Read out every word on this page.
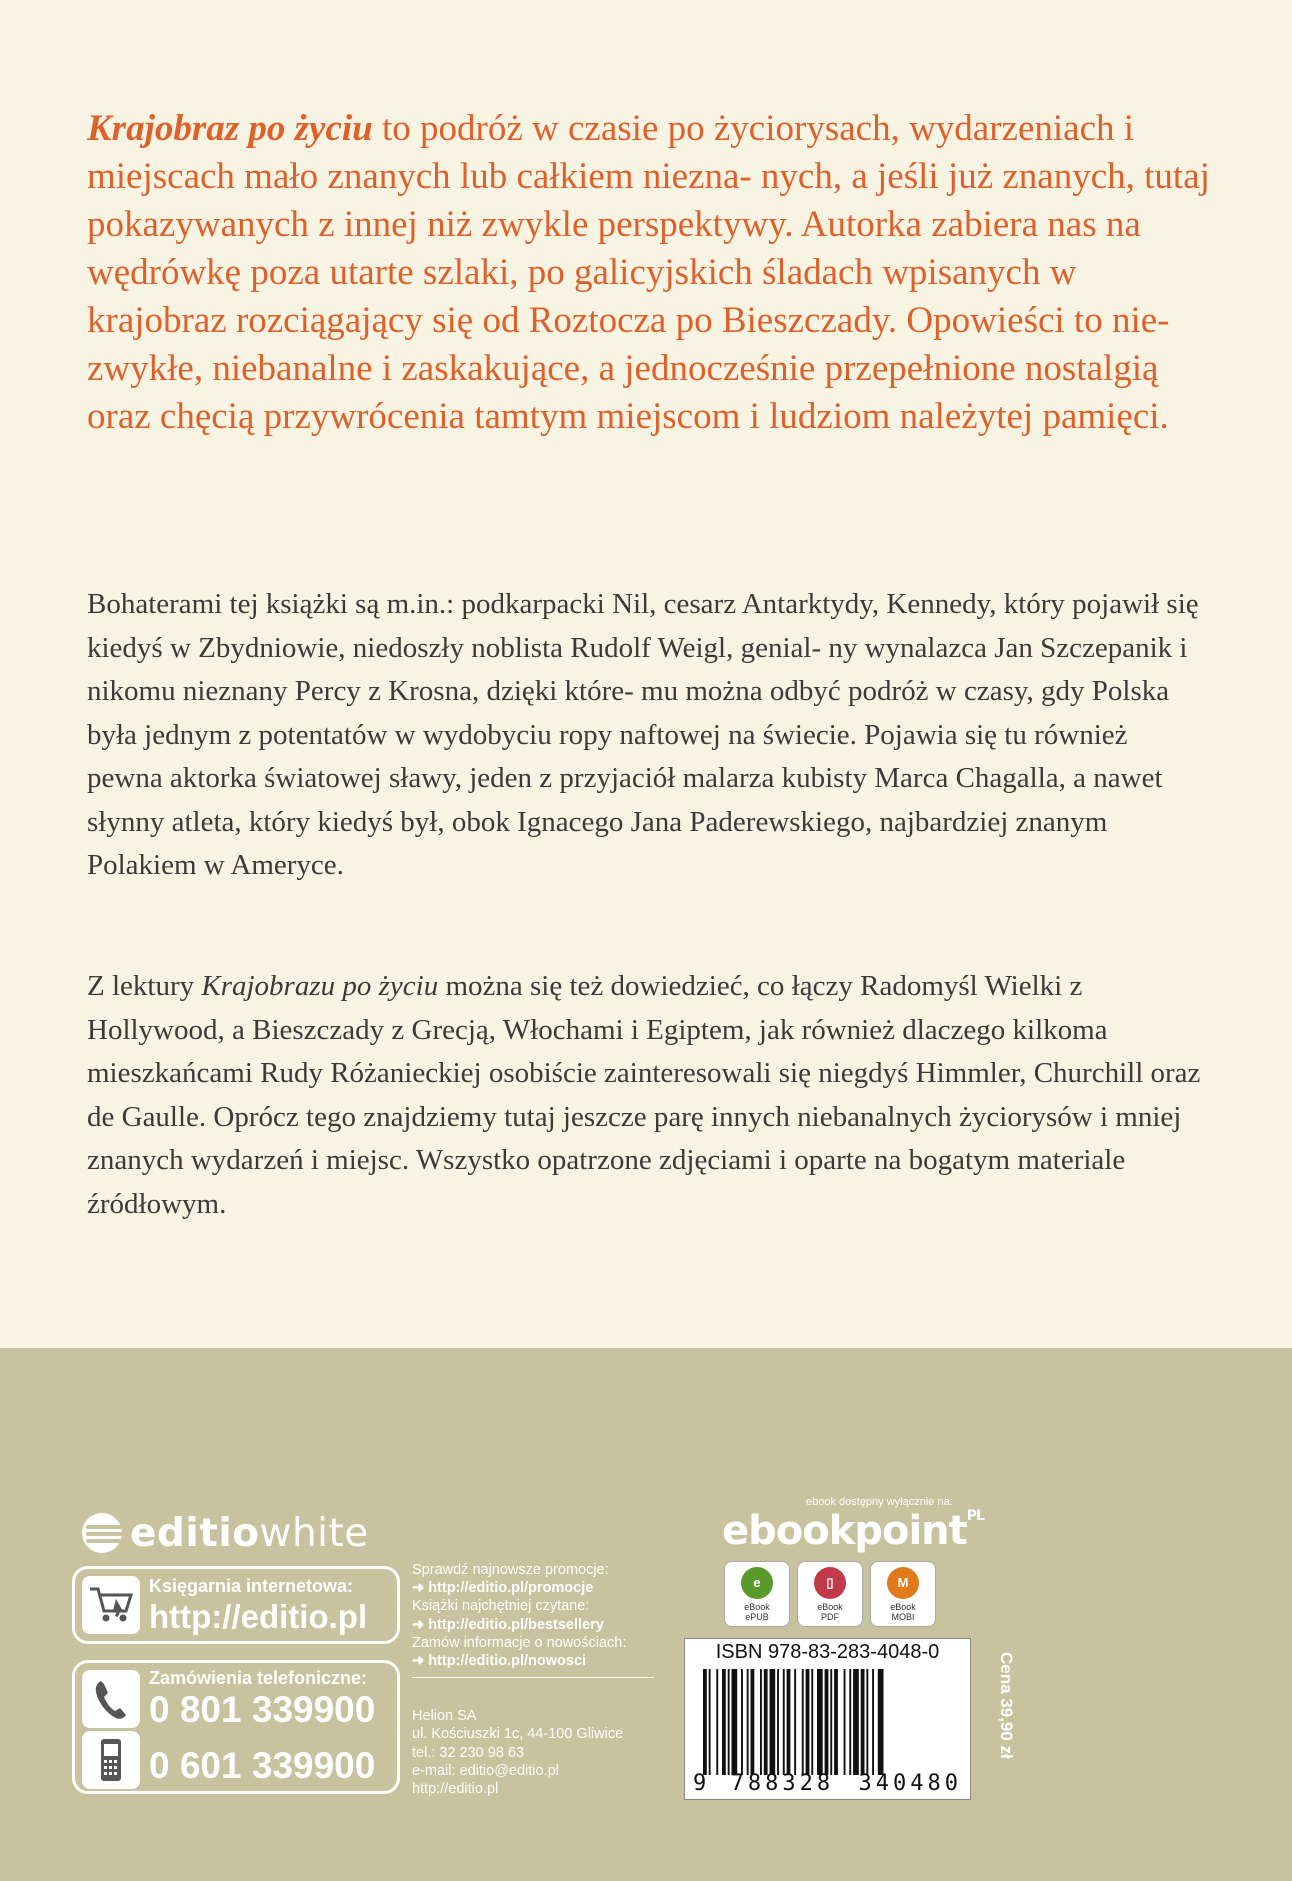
Krajobraz po życiu to podróż w czasie po życiorysach, wydarzeniach i miejscach mało znanych lub całkiem niezna- nych, a jeśli już znanych, tutaj pokazywanych z innej niż zwykle perspektywy. Autorka zabiera nas na wędrówkę poza utarte szlaki, po galicyjskich śladach wpisanych w krajobraz rozciągający się od Roztocza po Bieszczady. Opowieści to nie- zwykłe, niebanalne i zaskakujące, a jednocześnie przepełnione nostalgią oraz chęcią przywrócenia tamtym miejscom i ludziom należytej pamięci.
Bohaterami tej książki są m.in.: podkarpacki Nil, cesarz Antarktydy, Kennedy, który pojawił się kiedyś w Zbydniowie, niedoszły noblista Rudolf Weigl, genial- ny wynalazca Jan Szczepanik i nikomu nieznany Percy z Krosna, dzięki które- mu można odbyć podróż w czasy, gdy Polska była jednym z potentatów w wydobyciu ropy naftowej na świecie. Pojawia się tu również pewna aktorka światowej sławy, jeden z przyjaciół malarza kubisty Marca Chagalla, a nawet słynny atleta, który kiedyś był, obok Ignacego Jana Paderewskiego, najbardziej znanym Polakiem w Ameryce.
Z lektury Krajobrazu po życiu można się też dowiedzieć, co łączy Radomyśl Wielki z Hollywood, a Bieszczady z Grecją, Włochami i Egiptem, jak również dlaczego kilkoma mieszkańcami Rudy Różanieckiej osobiście zainteresowali się niegdyś Himmler, Churchill oraz de Gaulle. Oprócz tego znajdziemy tutaj jeszcze parę innych niebanalnych życiorysów i mniej znanych wydarzeń i miejsc. Wszystko opatrzone zdjęciami i oparte na bogatym materiale źródłowym.
editiowhite
Księgarnia internetowa:
http://editio.pl
Zamówienia telefoniczne:
0 801 339900
0 601 339900
Sprawdź najnowsze promocje:
➜ http://editio.pl/promocje
Książki najchętniej czytane:
➜ http://editio.pl/bestsellery
Zamów informacje o nowościach:
➜ http://editio.pl/nowosci
Helion SA
ul. Kościuszki 1c, 44-100 Gliwice
tel.: 32 230 98 63
e-mail: editio@editio.pl
http://editio.pl
ebook dostępny wyłącznie na:
ebookpoint$^{PL}$
e
eBook
ePUB
▯
eBook
PDF
M
eBook
MOBI
ISBN 978-83-283-4048-0
9 788328 340480
Cena 39,90 zł
